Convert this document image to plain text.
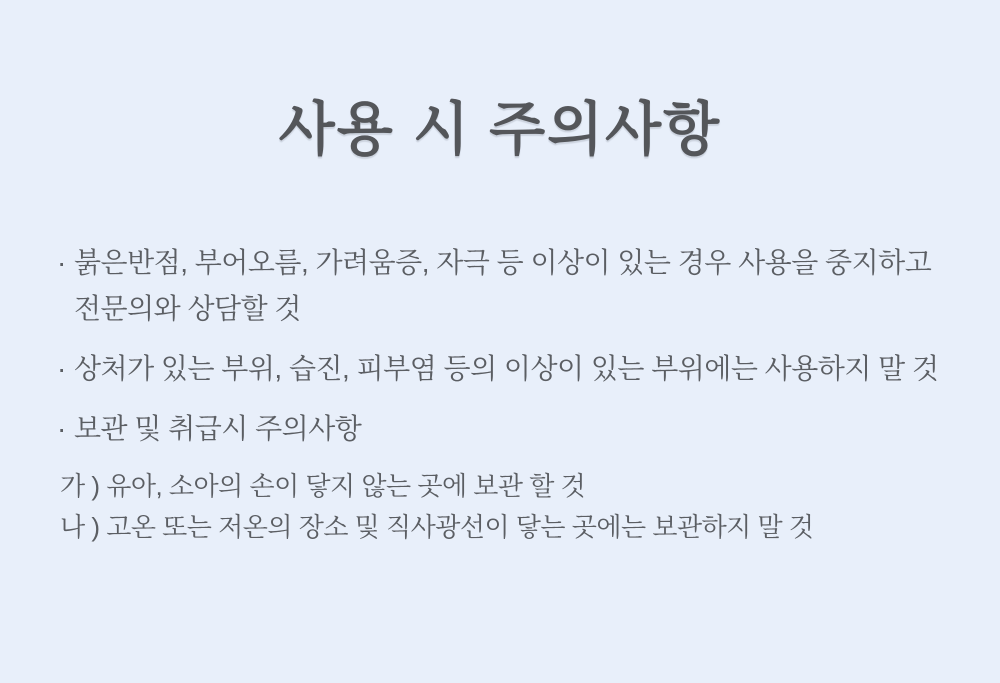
사용 시 주의사항
· 붉은반점, 부어오름, 가려움증, 자극 등 이상이 있는 경우 사용을 중지하고
전문의와 상담할 것
· 상처가 있는 부위, 습진, 피부염 등의 이상이 있는 부위에는 사용하지 말 것
· 보관 및 취급시 주의사항
가 ) 유아, 소아의 손이 닿지 않는 곳에 보관 할 것
나 ) 고온 또는 저온의 장소 및 직사광선이 닿는 곳에는 보관하지 말 것
